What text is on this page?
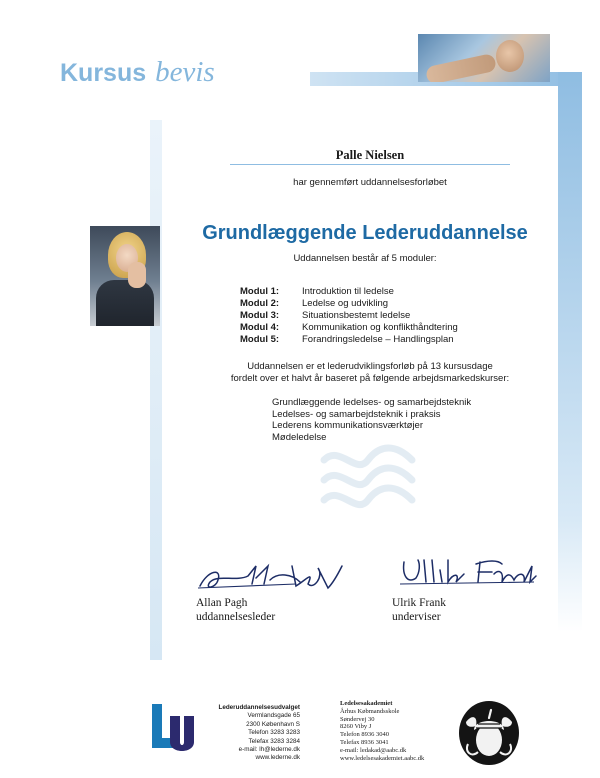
Kursus bevis
Palle Nielsen
har gennemført uddannelsesforløbet
Grundlæggende Lederuddannelse
Uddannelsen består af 5 moduler:
Modul 1:	Introduktion til ledelse
Modul 2:	Ledelse og udvikling
Modul 3:	Situationsbestemt ledelse
Modul 4:	Kommunikation og konflikthåndtering
Modul 5:	Forandringsledelse – Handlingsplan
Uddannelsen er et lederudviklingsforløb på 13 kursusdage
fordelt over et halvt år baseret på følgende arbejdsmarkedskurser:
Grundlæggende ledelses- og samarbejdsteknik
Ledelses- og samarbejdsteknik i praksis
Lederens kommunikationsværktøjer
Mødeledelse
Allan Pagh
uddannelsesleder
Ulrik Frank
underviser
Lederuddannelsesudvalget
Vermlandsgade 65
2300 København S
Telefon 3283 3283
Telefax 3283 3284
e-mail: lh@lederne.dk
www.lederne.dk
Ledelsesakademiet
Århus Købmandsskole
Søndervej 30
8260 Viby J
Telefon 8936 3040
Telefax 8936 3041
e-mail: ledakad@aabc.dk
www.ledelsesakademiet.aabc.dk
